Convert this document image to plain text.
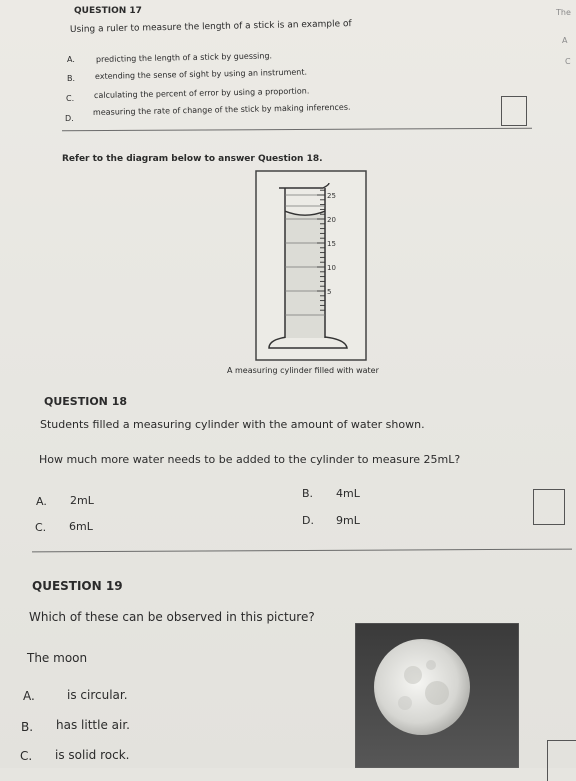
QUESTION 17
Using a ruler to measure the length of a stick is an example of
A.	predicting the length of a stick by guessing.
B. extending the sense of sight by using an instrument.
C. calculating the percent of error by using a proportion.
D.
measuring the rate of change of the stick by making inferences.
The
A
C
Refer to the diagram below to answer Question 18.
25
20
15
10
5
A measuring cylinder filled with water
QUESTION 18
Students filled a measuring cylinder with the amount of water shown.
How much more water needs to be added to the cylinder to measure 25mL?
A. 2mL
B. 4mL
C. 6mL	D. 9mL
QUESTION 19
Which of these can be observed in this picture?
The moon
A.	is circular.
B. has little air.
C. is solid rock.
